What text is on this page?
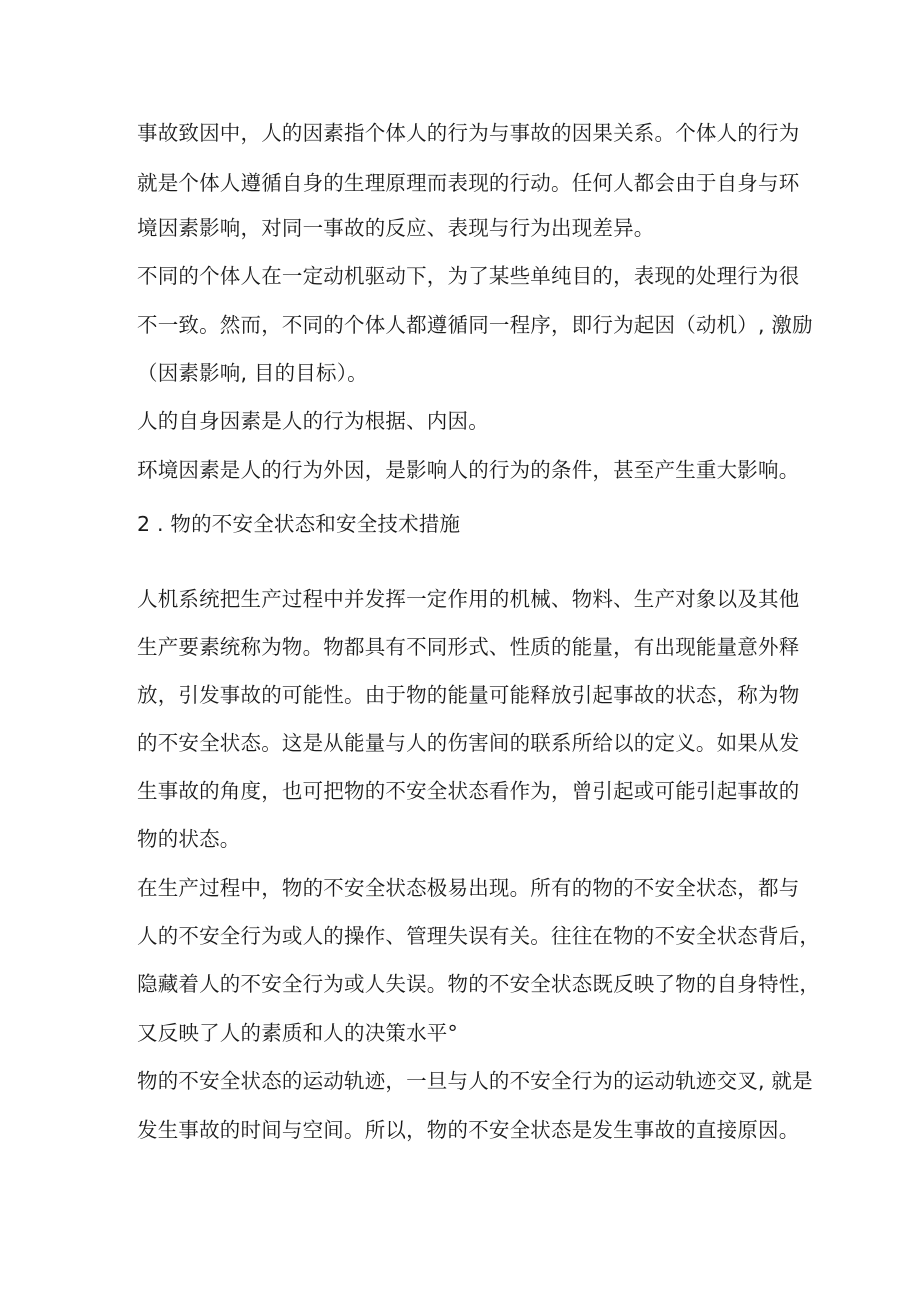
事故致因中，人的因素指个体人的行为与事故的因果关系。个体人的行为
就是个体人遵循自身的生理原理而表现的行动。任何人都会由于自身与环
境因素影响，对同一事故的反应、表现与行为出现差异。
不同的个体人在一定动机驱动下，为了某些单纯目的，表现的处理行为很
不一致。然而，不同的个体人都遵循同一程序，即行为起因（动机）, 激励
（因素影响, 目的目标）。
人的自身因素是人的行为根据、内因。
环境因素是人的行为外因，是影响人的行为的条件，甚至产生重大影响。
2 . 物的不安全状态和安全技术措施
人机系统把生产过程中并发挥一定作用的机械、物料、生产对象以及其他
生产要素统称为物。物都具有不同形式、性质的能量，有出现能量意外释
放，引发事故的可能性。由于物的能量可能释放引起事故的状态，称为物
的不安全状态。这是从能量与人的伤害间的联系所给以的定义。如果从发
生事故的角度，也可把物的不安全状态看作为，曾引起或可能引起事故的
物的状态。
在生产过程中，物的不安全状态极易出现。所有的物的不安全状态，都与
人的不安全行为或人的操作、管理失误有关。往往在物的不安全状态背后，
隐藏着人的不安全行为或人失误。物的不安全状态既反映了物的自身特性，
又反映了人的素质和人的决策水平°
物的不安全状态的运动轨迹，一旦与人的不安全行为的运动轨迹交叉, 就是
发生事故的时间与空间。所以，物的不安全状态是发生事故的直接原因。
